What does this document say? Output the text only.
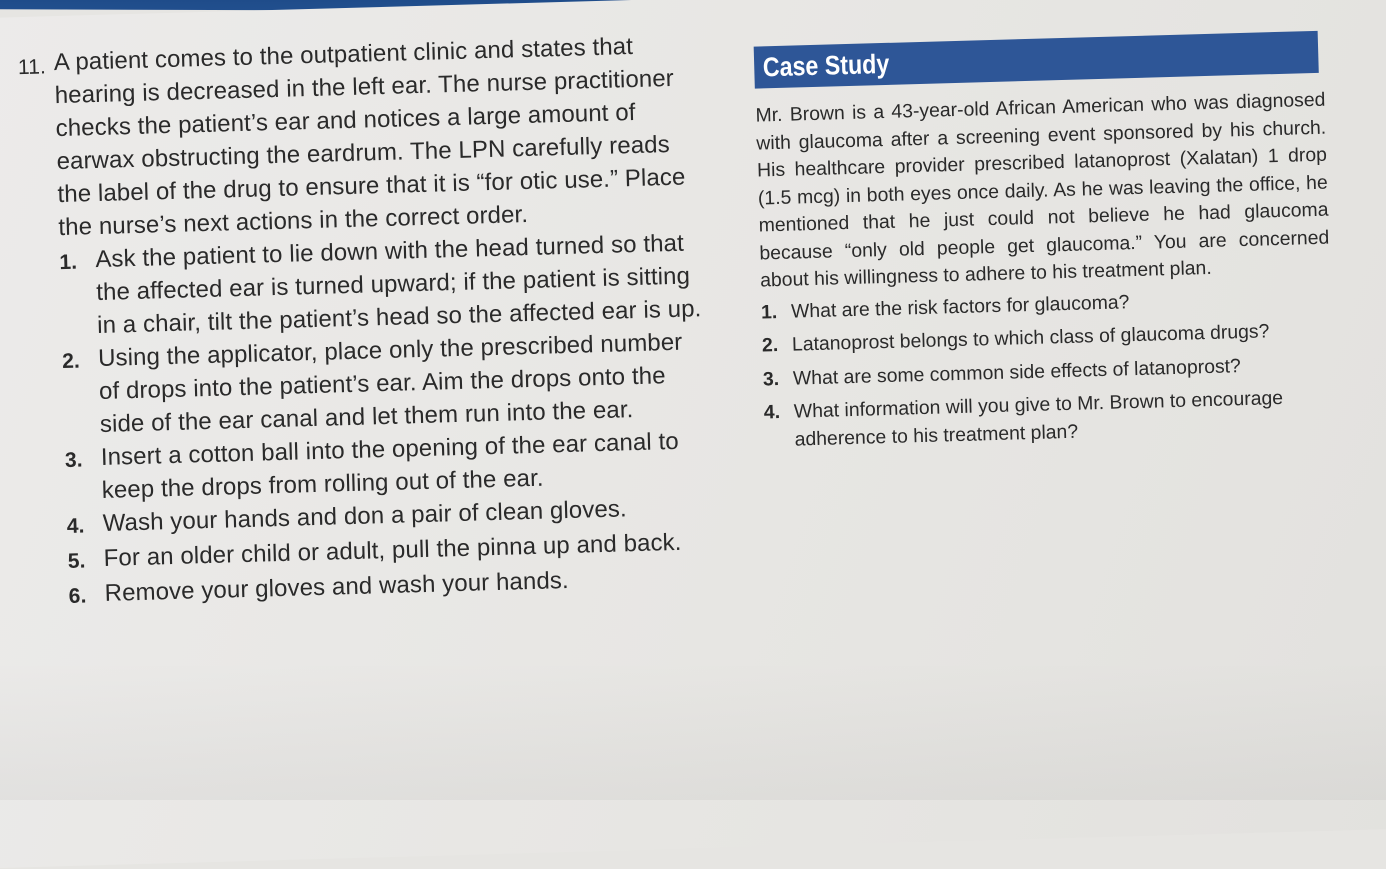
11. A patient comes to the outpatient clinic and states that hearing is decreased in the left ear. The nurse practitioner checks the patient’s ear and notices a large amount of earwax obstructing the eardrum. The LPN carefully reads the label of the drug to ensure that it is “for otic use.” Place the nurse’s next actions in the correct order.
1. Ask the patient to lie down with the head turned so that the affected ear is turned upward; if the patient is sitting in a chair, tilt the patient’s head so the affected ear is up.
2. Using the applicator, place only the prescribed number of drops into the patient’s ear. Aim the drops onto the side of the ear canal and let them run into the ear.
3. Insert a cotton ball into the opening of the ear canal to keep the drops from rolling out of the ear.
4. Wash your hands and don a pair of clean gloves.
5. For an older child or adult, pull the pinna up and back.
6. Remove your gloves and wash your hands.
Case Study
Mr. Brown is a 43-year-old African American who was diagnosed with glaucoma after a screening event sponsored by his church. His healthcare provider prescribed latanoprost (Xalatan) 1 drop (1.5 mcg) in both eyes once daily. As he was leaving the office, he mentioned that he just could not believe he had glaucoma because “only old people get glaucoma.” You are concerned about his willingness to adhere to his treatment plan.
1. What are the risk factors for glaucoma?
2. Latanoprost belongs to which class of glaucoma drugs?
3. What are some common side effects of latanoprost?
4. What information will you give to Mr. Brown to encourage adherence to his treatment plan?
